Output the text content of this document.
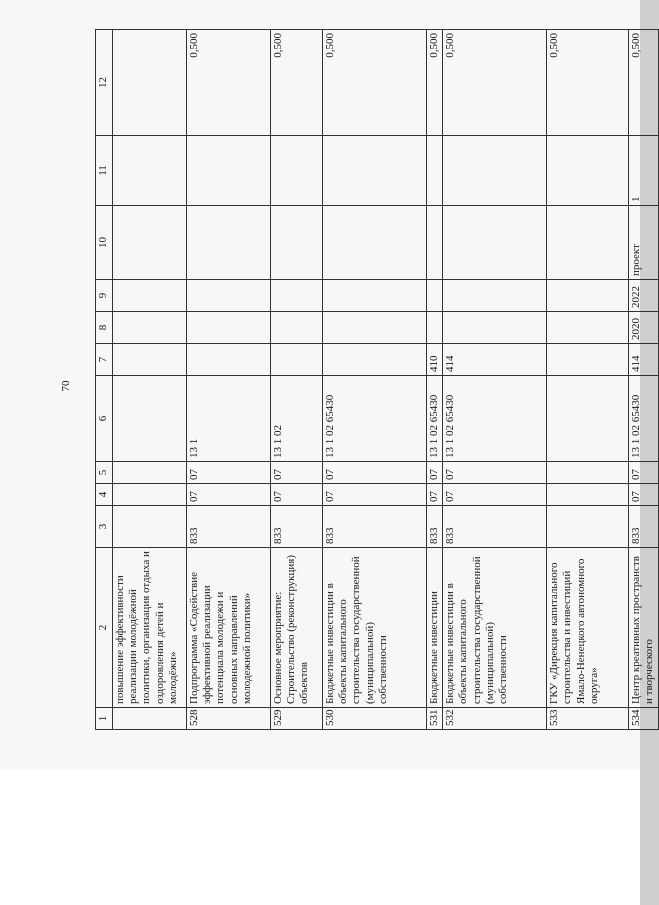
70
1	2	3	4	5	6	7	8	9	10	11	12
	повышение эффективности реализации молодёжной политики, организация отдыха и оздоровления детей и молодёжи»										
528	Подпрограмма «Содействие эффективной реализации потенциала молодежи и основных направлений молодежной политики»	833	07	07	13 1						0,500
529	Основное мероприятие: Строительство (реконструкция) объектов	833	07	07	13 1 02						0,500
530	Бюджетные инвестиции в объекты капитального строительства государственной (муниципальной) собственности	833	07	07	13 1 02 65430						0,500
531	Бюджетные инвестиции	833	07	07	13 1 02 65430	410					0,500
532	Бюджетные инвестиции в объекты капитального строительства государственной (муниципальной) собственности	833	07	07	13 1 02 65430	414					0,500
533	ГКУ «Дирекция капитального строительства и инвестиций Ямало-Ненецкого автономного округа»										0,500
534	Центр креативных пространств и творческого	833	07	07	13 1 02 65430	414	2020	2022	проект	1	0,500
